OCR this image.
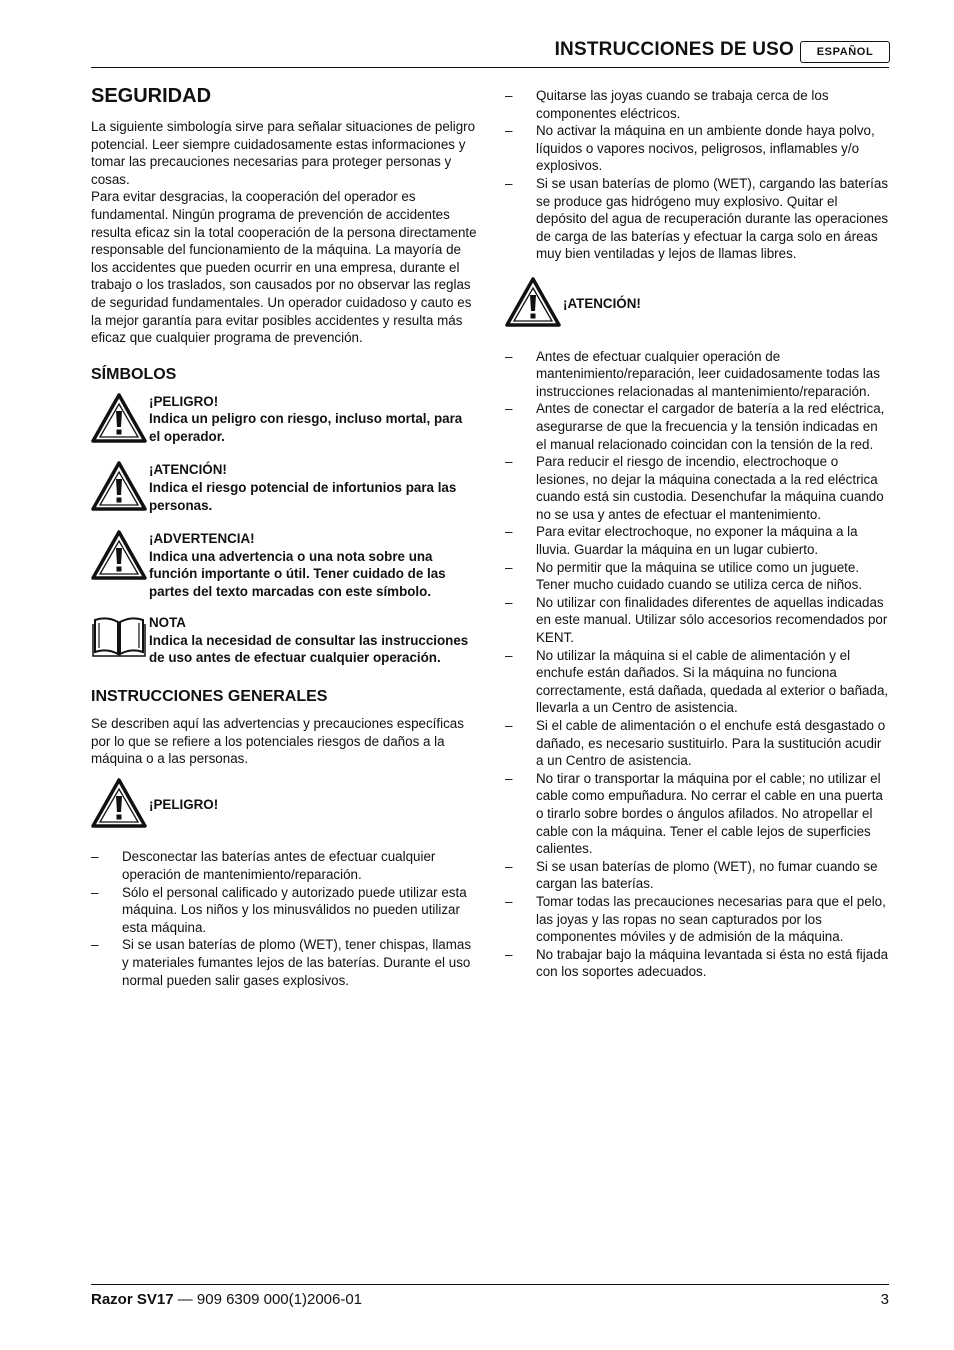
INSTRUCCIONES DE USO	ESPAÑOL
SEGURIDAD

La siguiente simbología sirve para señalar situaciones de peligro potencial. Leer siempre cuidadosamente estas informaciones y tomar las precauciones necesarias para proteger personas y cosas.

Para evitar desgracias, la cooperación del operador es fundamental. Ningún programa de prevención de accidentes resulta eficaz sin la total cooperación de la persona directamente responsable del funcionamiento de la máquina. La mayoría de los accidentes que pueden ocurrir en una empresa, durante el trabajo o los traslados, son causados por no observar las reglas de seguridad fundamentales. Un operador cuidadoso y cauto es la mejor garantía para evitar posibles accidentes y resulta más eficaz que cualquier programa de prevención.

SÍMBOLOS
¡PELIGRO!
Indica un peligro con riesgo, incluso mortal, para el operador.
¡ATENCIÓN!
Indica el riesgo potencial de infortunios para las personas.
¡ADVERTENCIA!
Indica una advertencia o una nota sobre una función importante o útil. Tener cuidado de las partes del texto marcadas con este símbolo.
NOTA
Indica la necesidad de consultar las instrucciones de uso antes de efectuar cualquier operación.
INSTRUCCIONES GENERALES

Se describen aquí las advertencias y precauciones específicas por lo que se refiere a los potenciales riesgos de daños a la máquina o a las personas.

¡PELIGRO!
– Desconectar las baterías antes de efectuar cualquier operación de mantenimiento/reparación.
– Sólo el personal calificado y autorizado puede utilizar esta máquina. Los niños y los minusválidos no pueden utilizar esta máquina.
– Si se usan baterías de plomo (WET), tener chispas, llamas y materiales fumantes lejos de las baterías. Durante el uso normal pueden salir gases explosivos.
– Quitarse las joyas cuando se trabaja cerca de los componentes eléctricos.
– No activar la máquina en un ambiente donde haya polvo, líquidos o vapores nocivos, peligrosos, inflamables y/o explosivos.
– Si se usan baterías de plomo (WET), cargando las baterías se produce gas hidrógeno muy explosivo. Quitar el depósito del agua de recuperación durante las operaciones de carga de las baterías y efectuar la carga solo en áreas muy bien ventiladas y lejos de llamas libres.
¡ATENCIÓN!
– Antes de efectuar cualquier operación de mantenimiento/reparación, leer cuidadosamente todas las instrucciones relacionadas al mantenimiento/reparación.
– Antes de conectar el cargador de batería a la red eléctrica, asegurarse de que la frecuencia y la tensión indicadas en el manual relacionado coincidan con la tensión de la red.
– Para reducir el riesgo de incendio, electrochoque o lesiones, no dejar la máquina conectada a la red eléctrica cuando está sin custodia. Desenchufar la máquina cuando no se usa y antes de efectuar el mantenimiento.
– Para evitar electrochoque, no exponer la máquina a la lluvia. Guardar la máquina en un lugar cubierto.
– No permitir que la máquina se utilice como un juguete. Tener mucho cuidado cuando se utiliza cerca de niños.
– No utilizar con finalidades diferentes de aquellas indicadas en este manual. Utilizar sólo accesorios recomendados por KENT.
– No utilizar la máquina si el cable de alimentación y el enchufe están dañados. Si la máquina no funciona correctamente, está dañada, quedada al exterior o bañada, llevarla a un Centro de asistencia.
– Si el cable de alimentación o el enchufe está desgastado o dañado, es necesario sustituirlo. Para la sustitución acudir a un Centro de asistencia.
– No tirar o transportar la máquina por el cable; no utilizar el cable como empuñadura. No cerrar el cable en una puerta o tirarlo sobre bordes o ángulos afilados. No atropellar el cable con la máquina. Tener el cable lejos de superficies calientes.
– Si se usan baterías de plomo (WET), no fumar cuando se cargan las baterías.
– Tomar todas las precauciones necesarias para que el pelo, las joyas y las ropas no sean capturados por los componentes móviles y de admisión de la máquina.
– No trabajar bajo la máquina levantada si ésta no está fijada con los soportes adecuados.
Razor SV17 — 909 6309 000(1)2006-01	3
